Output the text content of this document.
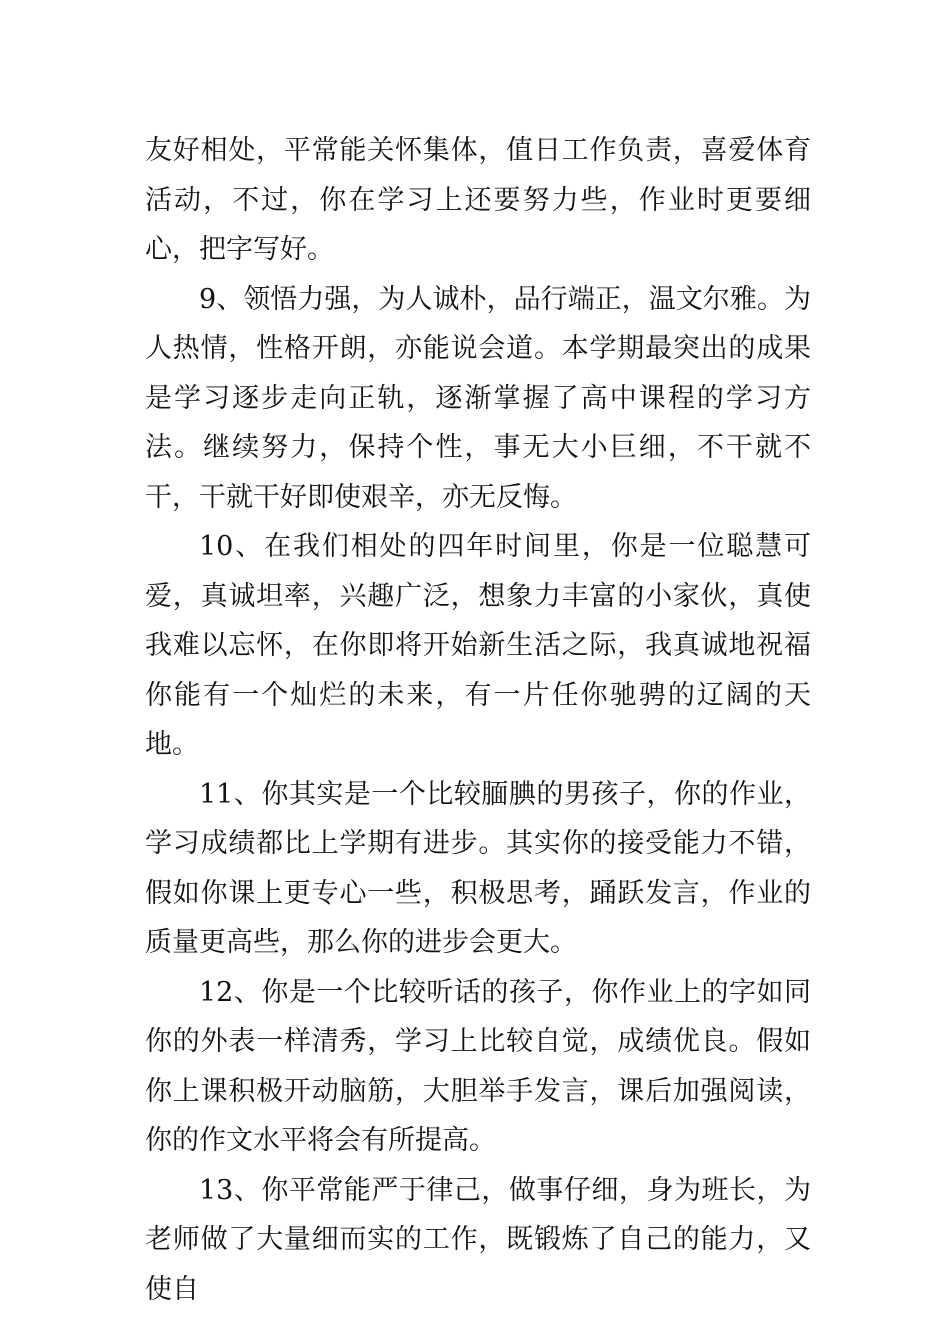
友好相处，平常能关怀集体，值日工作负责，喜爱体育活动，不过，你在学习上还要努力些，作业时更要细心，把字写好。

9、领悟力强，为人诚朴，品行端正，温文尔雅。为人热情，性格开朗，亦能说会道。本学期最突出的成果是学习逐步走向正轨，逐渐掌握了高中课程的学习方法。继续努力，保持个性，事无大小巨细，不干就不干，干就干好即使艰辛，亦无反悔。

10、在我们相处的四年时间里，你是一位聪慧可爱，真诚坦率，兴趣广泛，想象力丰富的小家伙，真使我难以忘怀，在你即将开始新生活之际，我真诚地祝福你能有一个灿烂的未来，有一片任你驰骋的辽阔的天地。

11、你其实是一个比较腼腆的男孩子，你的作业，学习成绩都比上学期有进步。其实你的接受能力不错，假如你课上更专心一些，积极思考，踊跃发言，作业的质量更高些，那么你的进步会更大。

12、你是一个比较听话的孩子，你作业上的字如同你的外表一样清秀，学习上比较自觉，成绩优良。假如你上课积极开动脑筋，大胆举手发言，课后加强阅读，你的作文水平将会有所提高。

13、你平常能严于律己，做事仔细，身为班长，为老师做了大量细而实的工作，既锻炼了自己的能力，又使自
